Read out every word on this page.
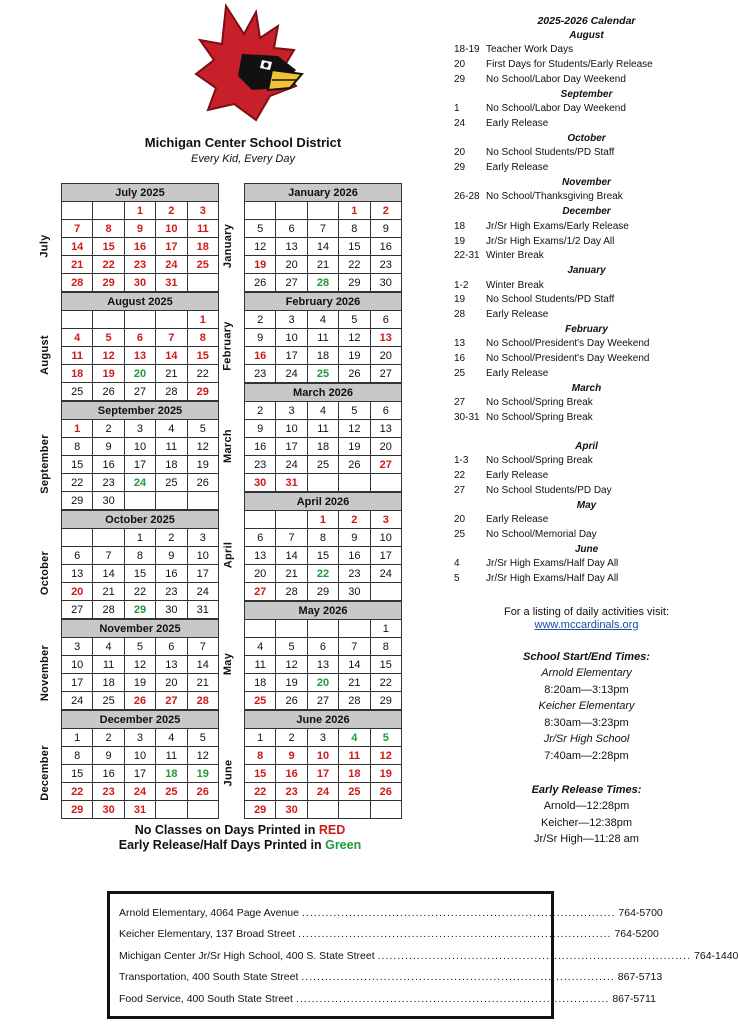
Michigan Center School District
Every Kid, Every Day
July 2025				
		1	2	3
7	8	9	10	11
14	15	16	17	18
21	22	23	24	25
28	29	30	31	
July
August 2025				
				1
4	5	6	7	8
11	12	13	14	15
18	19	20	21	22
25	26	27	28	29
August
September 2025				
1	2	3	4	5
8	9	10	11	12
15	16	17	18	19
22	23	24	25	26
29	30			
September
October 2025				
		1	2	3
6	7	8	9	10
13	14	15	16	17
20	21	22	23	24
27	28	29	30	31
October
November 2025				
3	4	5	6	7
10	11	12	13	14
17	18	19	20	21
24	25	26	27	28
November
December 2025				
1	2	3	4	5
8	9	10	11	12
15	16	17	18	19
22	23	24	25	26
29	30	31		
December
January 2026				
			1	2
5	6	7	8	9
12	13	14	15	16
19	20	21	22	23
26	27	28	29	30
January
February 2026				
2	3	4	5	6
9	10	11	12	13
16	17	18	19	20
23	24	25	26	27
February
March 2026				
2	3	4	5	6
9	10	11	12	13
16	17	18	19	20
23	24	25	26	27
30	31			
March
April 2026				
		1	2	3
6	7	8	9	10
13	14	15	16	17
20	21	22	23	24
27	28	29	30	
April
May 2026				
				1
4	5	6	7	8
11	12	13	14	15
18	19	20	21	22
25	26	27	28	29
May
June 2026				
1	2	3	4	5
8	9	10	11	12
15	16	17	18	19
22	23	24	25	26
29	30			
June
No Classes on Days Printed in RED
Early Release/Half Days Printed in Green
2025-2026 Calendar
August
18-19 Teacher Work Days
20	First Days for Students/Early Release
29	No School/Labor Day Weekend
September
1	No School/Labor Day Weekend
24	Early Release
October
20	No School Students/PD Staff
29	Early Release
November
26-28 No School/Thanksgiving Break
December
18	Jr/Sr High Exams/Early Release
19	Jr/Sr High Exams/1/2 Day All
22-31 Winter Break
January
1-2	Winter Break
19	No School Students/PD Staff
28	Early Release
February
13	No School/President's Day Weekend
16	No School/President's Day Weekend
25	Early Release
March
27	No School/Spring Break
30-31 No School/Spring Break
April
1-3	No School/Spring Break
22	Early Release
27	No School Students/PD Day
May
20	Early Release
25	No School/Memorial Day
June
4	Jr/Sr High Exams/Half Day All
5	Jr/Sr High Exams/Half Day All
For a listing of daily activities visit:
www.mccardinals.org
School Start/End Times:
Arnold Elementary
8:20am—3:13pm
Keicher Elementary
8:30am—3:23pm
Jr/Sr High School
7:40am—2:28pm
Early Release Times:
Arnold—12:28pm
Keicher—12:38pm
Jr/Sr High—11:28 am
Arnold Elementary, 4064 Page Avenue ................................................................................ 764-5700
Keicher Elementary, 137 Broad Street ................................................................................ 764-5200
Michigan Center Jr/Sr High School, 400 S. State Street ................................................................................ 764-1440
Transportation, 400 South State Street ................................................................................ 867-5713
Food Service, 400 South State Street ................................................................................ 867-5711
